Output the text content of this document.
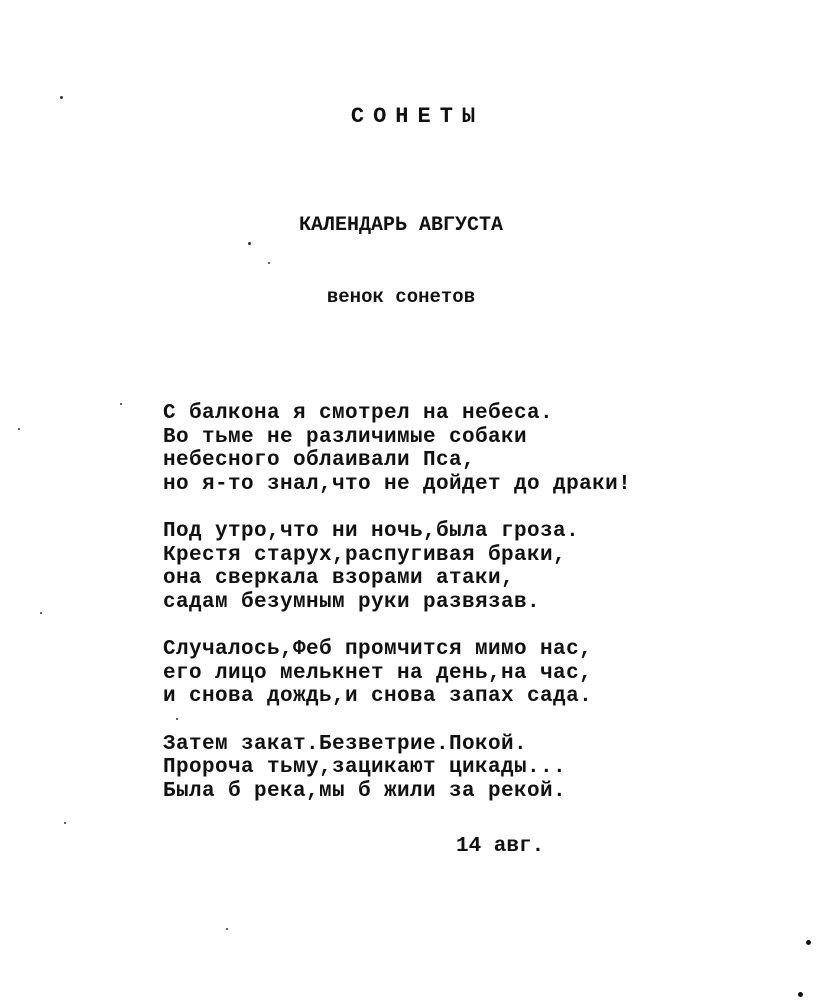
СОНЕТЫ
КАЛЕНДАРЬ АВГУСТА
венок сонетов
С балкона я смотрел на небеса.
Во тьме не различимые собаки
небесного облаивали Пса,
но я-то знал,что не дойдет до драки!
Под утро,что ни ночь,была гроза.
Крестя старух,распугивая браки,
она сверкала взорами атаки,
садам безумным руки развязав.
Случалось,Феб промчится мимо нас,
его лицо мелькнет на день,на час,
и снова дождь,и снова запах сада.
Затем закат.Безветрие.Покой.
Пророча тьму,зацикают цикады...
Была б река,мы б жили за рекой.
14 авг.
